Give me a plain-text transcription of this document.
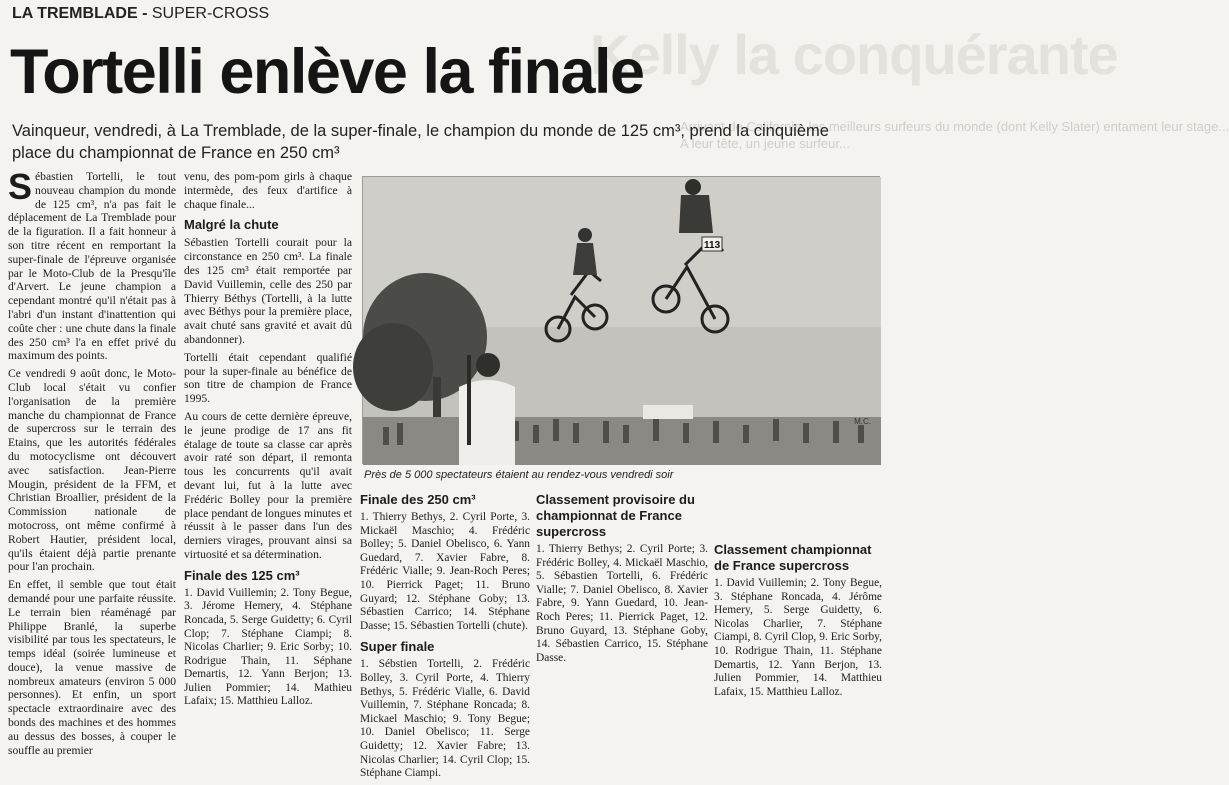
Kelly la conquérante
Arrivant de Californie, les meilleurs surfeurs du monde (dont Kelly Slater) entament leur stage...
A leur tête, un jeune surfeur...
LA TREMBLADE - SUPER-CROSS
Tortelli enlève la finale
Vainqueur, vendredi, à La Tremblade, de la super-finale, le champion du monde de 125 cm³, prend la cinquième place du championnat de France en 250 cm³

Sébastien Tortelli, le tout nouveau champion du monde de 125 cm³, n'a pas fait le déplacement de La Tremblade pour de la figuration. Il a fait honneur à son titre récent en remportant la super-finale de l'épreuve organisée par le Moto-Club de la Presqu'île d'Arvert. Le jeune champion a cependant montré qu'il n'était pas à l'abri d'un instant d'inattention qui coûte cher : une chute dans la finale des 250 cm³ l'a en effet privé du maximum des points.

Ce vendredi 9 août donc, le Moto-Club local s'était vu confier l'organisation de la première manche du championnat de France de supercross sur le terrain des Etains, que les autorités fédérales du motocyclisme ont découvert avec satisfaction. Jean-Pierre Mougin, président de la FFM, et Christian Broallier, président de la Commission nationale de motocross, ont même confirmé à Robert Hautier, président local, qu'ils étaient déjà partie prenante pour l'an prochain.

En effet, il semble que tout était demandé pour une parfaite réussite. Le terrain bien réaménagé par Philippe Branlé, la superbe visibilité par tous les spectateurs, le temps idéal (soirée lumineuse et douce), la venue massive de nombreux amateurs (environ 5 000 personnes). Et enfin, un sport spectacle extraordinaire avec des bonds des machines et des hommes au dessus des bosses, à couper le souffle au premier

venu, des pom-pom girls à chaque intermède, des feux d'artifice à chaque finale...

Malgré la chute

Sébastien Tortelli courait pour la circonstance en 250 cm³. La finale des 125 cm³ était remportée par David Vuillemin, celle des 250 par Thierry Béthys (Tortelli, à la lutte avec Béthys pour la première place, avait chuté sans gravité et avait dû abandonner).

Tortelli était cependant qualifié pour la super-finale au bénéfice de son titre de champion de France 1995.

Au cours de cette dernière épreuve, le jeune prodige de 17 ans fit étalage de toute sa classe car après avoir raté son départ, il remonta tous les concurrents qu'il avait devant lui, fut à la lutte avec Frédéric Bolley pour la première place pendant de longues minutes et réussit à le passer dans l'un des derniers virages, prouvant ainsi sa virtuosité et sa détermination.

Finale des 125 cm³
1. David Vuillemin; 2. Tony Begue, 3. Jérome Hemery, 4. Stéphane Roncada, 5. Serge Guidetty; 6. Cyril Clop; 7. Stéphane Ciampi; 8. Nicolas Charlier; 9. Eric Sorby; 10. Rodrigue Thain, 11. Séphane Demartis, 12. Yann Berjon; 13. Julien Pommier; 14. Mathieu Lafaix; 15. Matthieu Lalloz.
113
M.C.
Près de 5 000 spectateurs étaient au rendez-vous vendredi soir
Finale des 250 cm³
1. Thierry Bethys, 2. Cyril Porte, 3. Mickaël Maschio; 4. Frédéric Bolley; 5. Daniel Obelisco, 6. Yann Guedard, 7. Xavier Fabre, 8. Frédéric Vialle; 9. Jean-Roch Peres; 10. Pierrick Paget; 11. Bruno Guyard; 12. Stéphane Goby; 13. Sébastien Carrico; 14. Stéphane Dasse; 15. Sébastien Tortelli (chute).
Super finale
1. Sébstien Tortelli, 2. Frédéric Bolley, 3. Cyril Porte, 4. Thierry Bethys, 5. Frédéric Vialle, 6. David Vuillemin, 7. Stéphane Roncada; 8. Mickael Maschio; 9. Tony Begue; 10. Daniel Obelisco; 11. Serge Guidetty; 12. Xavier Fabre; 13. Nicolas Charlier; 14. Cyril Clop; 15. Stéphane Ciampi.
Classement provisoire du championnat de France supercross
1. Thierry Bethys; 2. Cyril Porte; 3. Frédéric Bolley, 4. Mickaël Maschio, 5. Sébastien Tortelli, 6. Frédéric Vialle; 7. Daniel Obelisco, 8. Xavier Fabre, 9. Yann Guedard, 10. Jean-Roch Peres; 11. Pierrick Paget, 12. Bruno Guyard, 13. Stéphane Goby, 14. Sébastien Carrico, 15. Stéphane Dasse.
Classement championnat de France supercross
1. David Vuillemin; 2. Tony Begue, 3. Stéphane Roncada, 4. Jérôme Hemery, 5. Serge Guidetty, 6. Nicolas Charlier, 7. Stéphane Ciampi, 8. Cyril Clop, 9. Eric Sorby, 10. Rodrigue Thain, 11. Stéphane Demartis, 12. Yann Berjon, 13. Julien Pommier, 14. Matthieu Lafaix, 15. Matthieu Lalloz.
